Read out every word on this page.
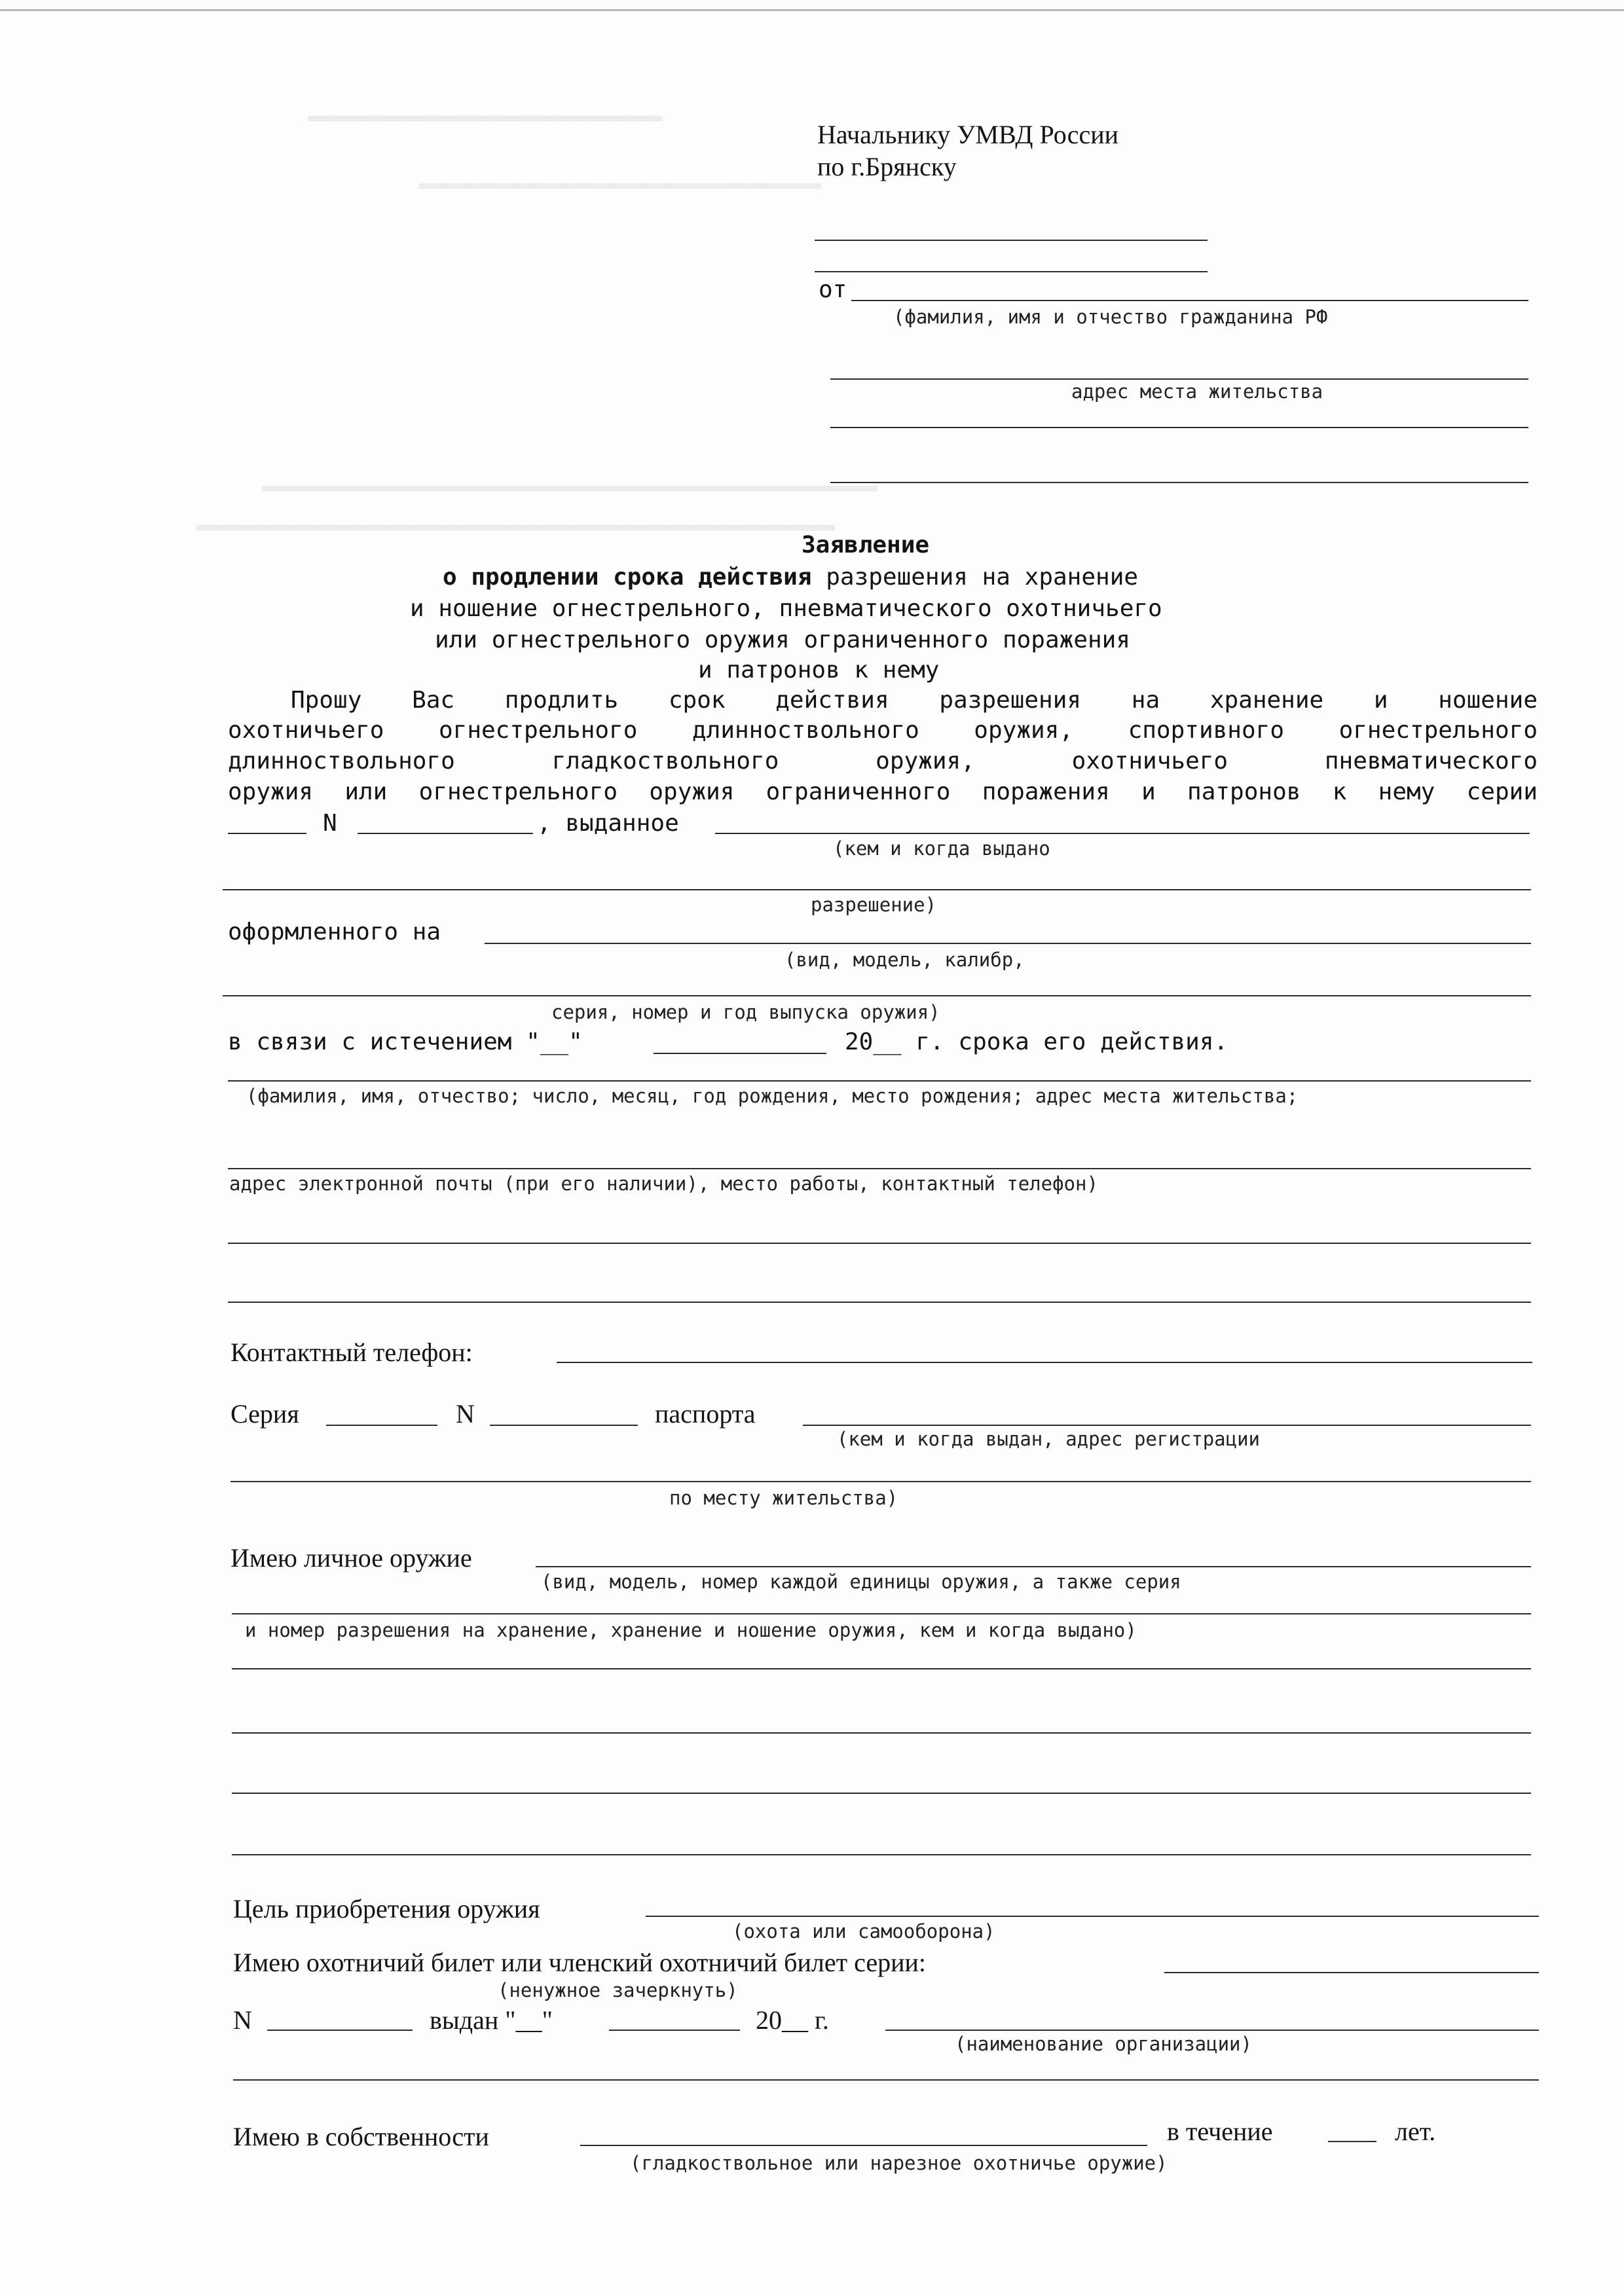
▬▬▬▬▬▬▬▬▬▬▬▬▬▬▬▬▬▬▬▬▬▬▬▬▬▬▬▬▬▬
▬▬▬▬▬▬▬▬▬▬▬▬▬▬▬▬▬▬▬▬▬▬▬▬▬▬▬▬▬▬▬▬▬▬
▬▬▬▬▬▬▬▬▬▬▬▬▬▬▬▬▬▬▬▬▬▬▬▬▬▬▬▬▬▬▬▬▬▬▬▬▬▬▬▬▬▬▬▬▬▬▬▬▬▬▬▬
▬▬▬▬▬▬▬▬▬▬▬▬▬▬▬▬▬▬▬▬▬▬▬▬▬▬▬▬▬▬▬▬▬▬▬▬▬▬▬▬▬▬▬▬▬▬▬▬▬▬▬▬▬▬
Начальнику УМВД России
по г.Брянску
от
(фамилия, имя и отчество гражданина РФ
адрес места жительства
Заявление
о продлении срока действия разрешения на хранение
и ношение огнестрельного, пневматического охотничьего
или огнестрельного оружия ограниченного поражения
и патронов к нему
Прошу Вас продлить срок действия разрешения на хранение и ношение
охотничьего огнестрельного длинноствольного оружия, спортивного огнестрельного
длинноствольного гладкоствольного оружия, охотничьего пневматического
оружия или огнестрельного оружия ограниченного поражения и патронов к нему серии
N	, выданное
(кем и когда выдано
разрешение)
оформленного на
(вид, модель, калибр,
серия, номер и год выпуска оружия)
в связи с истечением "__"	20__ г. срока его действия.
(фамилия, имя, отчество; число, месяц, год рождения, место рождения; адрес места жительства;
адрес электронной почты (при его наличии), место работы, контактный телефон)
Контактный телефон:
Серия	N	паспорта
(кем и когда выдан, адрес регистрации
по месту жительства)
Имею личное оружие
(вид, модель, номер каждой единицы оружия, а также серия
и номер разрешения на хранение, хранение и ношение оружия, кем и когда выдано)
Цель приобретения оружия
(охота или самооборона)
Имею охотничий билет или членский охотничий билет серии:
(ненужное зачеркнуть)
N	выдан "__"	20__ г.
(наименование организации)
Имею в собственности	в течение	лет.
(гладкоствольное или нарезное охотничье оружие)
